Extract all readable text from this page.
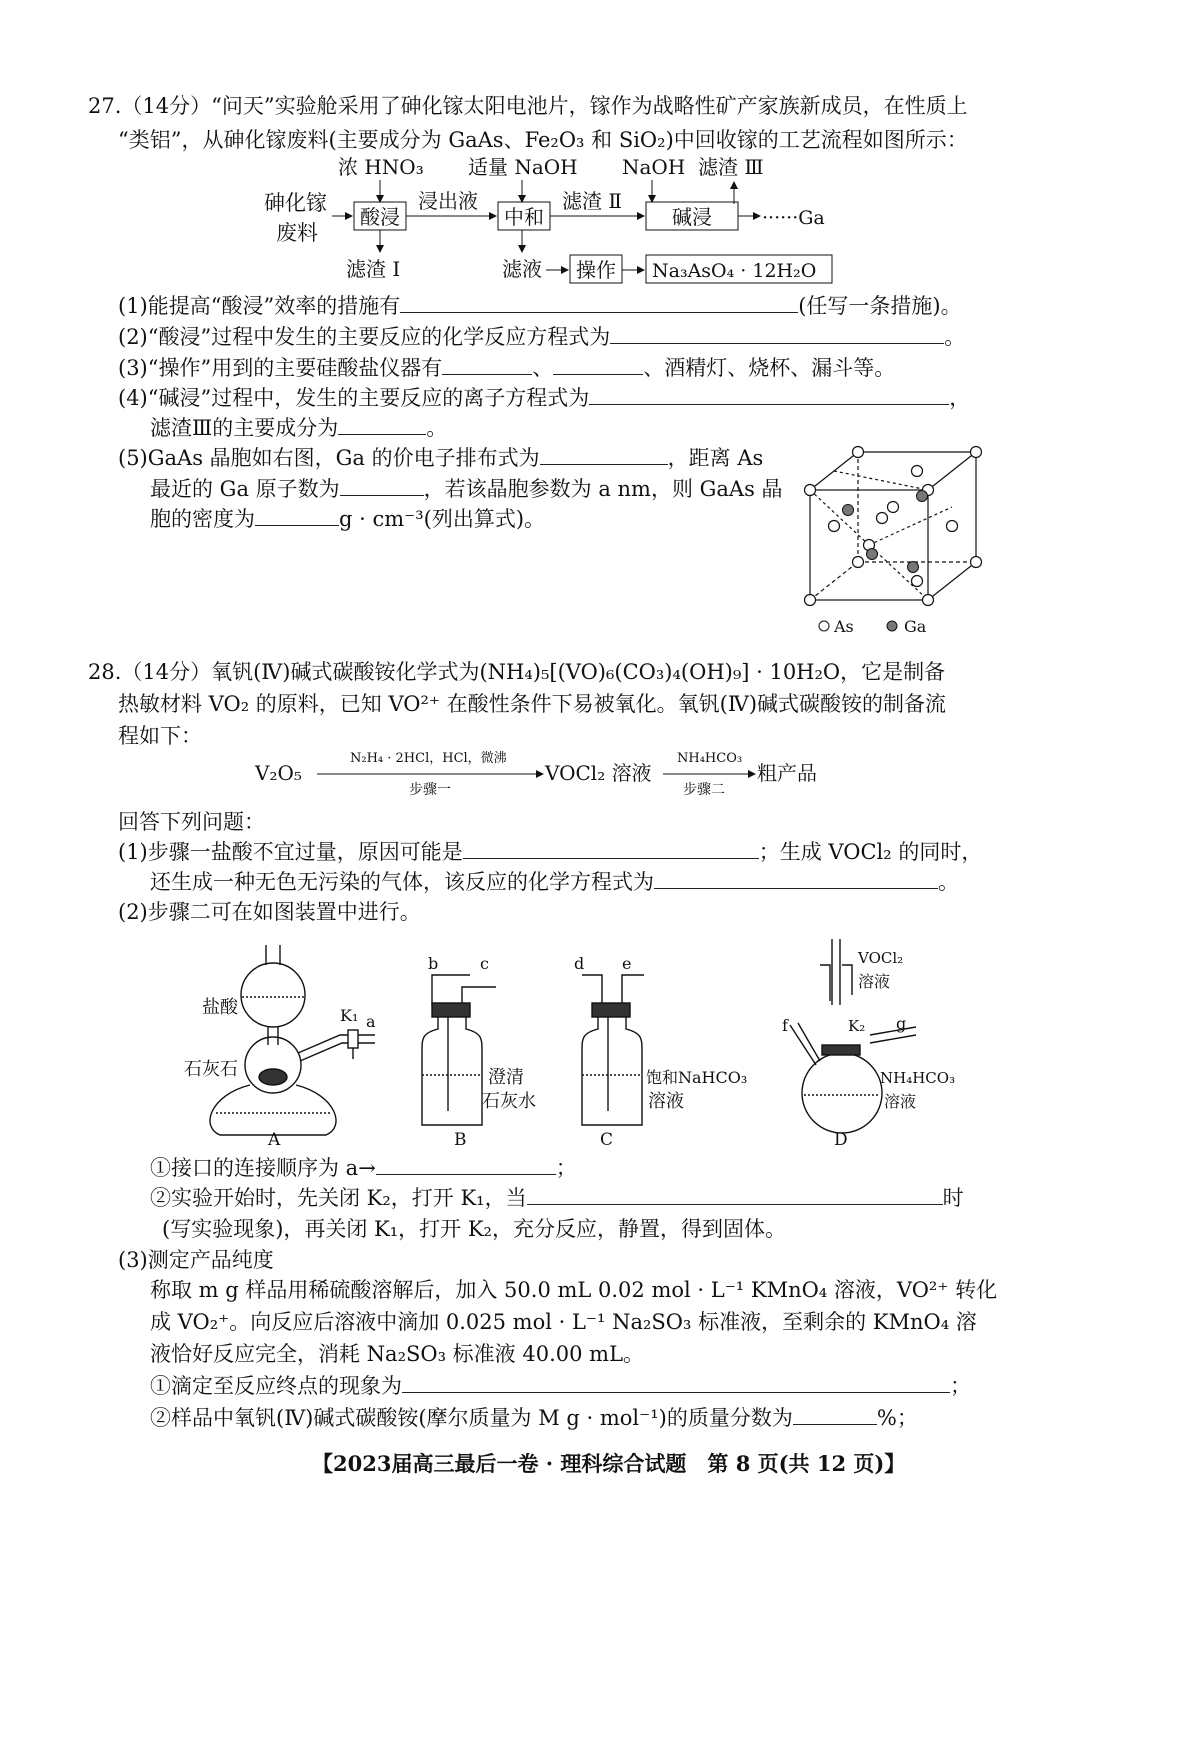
27.（14分）“问天”实验舱采用了砷化镓太阳电池片，镓作为战略性矿产家族新成员，在性质上
“类铝”，从砷化镓废料(主要成分为 GaAs、Fe₂O₃ 和 SiO₂)中回收镓的工艺流程如图所示：
浓 HNO₃ 适量 NaOH NaOH 滤渣 Ⅲ
砷化镓
废料
酸浸
浸出液
中和
滤渣 Ⅱ
碱浸	······Ga
滤渣 Ⅰ	滤液 操作 Na₃AsO₄ · 12H₂O
(1)能提高“酸浸”效率的措施有	(任写一条措施)。
(2)“酸浸”过程中发生的主要反应的化学反应方程式为	。
(3)“操作”用到的主要硅酸盐仪器有	、	、酒精灯、烧杯、漏斗等。
(4)“碱浸”过程中，发生的主要反应的离子方程式为	，
滤渣Ⅲ的主要成分为	。
(5)GaAs 晶胞如右图，Ga 的价电子排布式为	，距离 As
最近的 Ga 原子数为	，若该晶胞参数为 a nm，则 GaAs 晶
胞的密度为	g · cm⁻³(列出算式)。
As	Ga
28.（14分）氧钒(Ⅳ)碱式碳酸铵化学式为(NH₄)₅[(VO)₆(CO₃)₄(OH)₉] · 10H₂O，它是制备
热敏材料 VO₂ 的原料，已知 VO²⁺ 在酸性条件下易被氧化。氧钒(Ⅳ)碱式碳酸铵的制备流
程如下：
V₂O₅
N₂H₄ · 2HCl，HCl，微沸
步骤一
VOCl₂ 溶液
NH₄HCO₃
步骤二
粗产品
回答下列问题：
(1)步骤一盐酸不宜过量，原因可能是	；生成 VOCl₂ 的同时，
还生成一种无色无污染的气体，该反应的化学方程式为	。
(2)步骤二可在如图装置中进行。
盐酸
石灰石
K₁ a
A
b	c
澄清
石灰水
B
d e
饱和NaHCO₃
溶液
C
VOCl₂
溶液
K₂
f	g
NH₄HCO₃
溶液
D
①接口的连接顺序为 a→	；
②实验开始时，先关闭 K₂，打开 K₁，当	时
(写实验现象)，再关闭 K₁，打开 K₂，充分反应，静置，得到固体。
(3)测定产品纯度
称取 m g 样品用稀硫酸溶解后，加入 50.0 mL 0.02 mol · L⁻¹ KMnO₄ 溶液，VO²⁺ 转化
成 VO₂⁺。向反应后溶液中滴加 0.025 mol · L⁻¹ Na₂SO₃ 标准液，至剩余的 KMnO₄ 溶
液恰好反应完全，消耗 Na₂SO₃ 标准液 40.00 mL。
①滴定至反应终点的现象为	；
②样品中氧钒(Ⅳ)碱式碳酸铵(摩尔质量为 M g · mol⁻¹)的质量分数为	%；
【2023届高三最后一卷 · 理科综合试题　第 8 页(共 12 页)】
